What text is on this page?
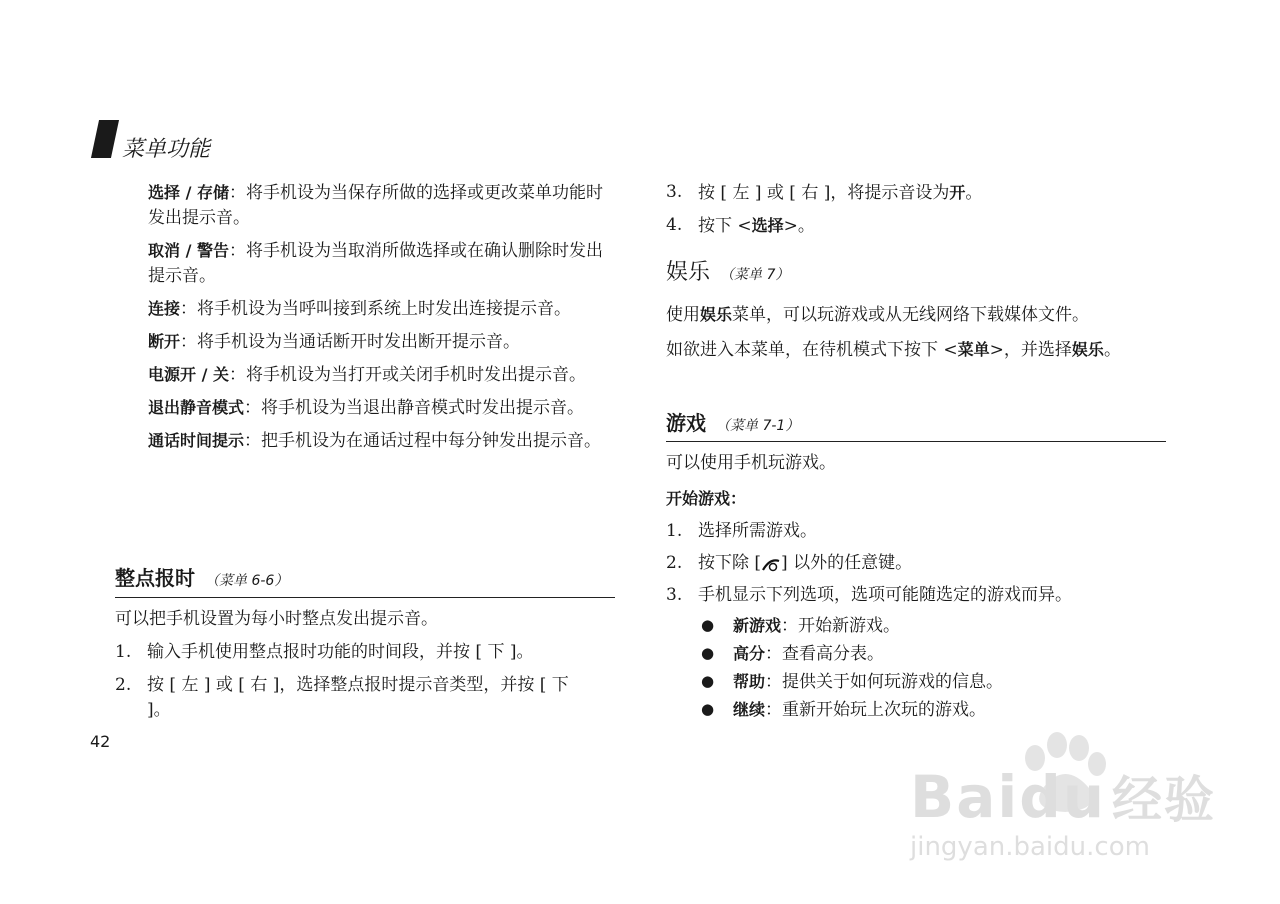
菜单功能

选择 / 存储：将手机设为当保存所做的选择或更改菜单功能时发出提示音。

取消 / 警告：将手机设为当取消所做选择或在确认删除时发出提示音。

连接：将手机设为当呼叫接到系统上时发出连接提示音。

断开：将手机设为当通话断开时发出断开提示音。

电源开 / 关：将手机设为当打开或关闭手机时发出提示音。

退出静音模式：将手机设为当退出静音模式时发出提示音。

通话时间提示：把手机设为在通话过程中每分钟发出提示音。

整点报时 （菜单 6-6）

可以把手机设置为每小时整点发出提示音。

1. 输入手机使用整点报时功能的时间段，并按 [ 下 ]。
2. 按 [ 左 ] 或 [ 右 ]，选择整点报时提示音类型，并按 [ 下 ]。
42
3. 按 [ 左 ] 或 [ 右 ]，将提示音设为开。
4. 按下 <选择>。
娱乐 （菜单 7）

使用娱乐菜单，可以玩游戏或从无线网络下载媒体文件。

如欲进入本菜单，在待机模式下按下 <菜单>，并选择娱乐。

游戏 （菜单 7-1）

可以使用手机玩游戏。

开始游戏：

1. 选择所需游戏。
2. 按下除 [ ] 以外的任意键。
3. 手机显示下列选项，选项可能随选定的游戏而异。
● 新游戏：开始新游戏。
● 高分：查看高分表。
● 帮助：提供关于如何玩游戏的信息。
● 继续：重新开始玩上次玩的游戏。
Baidu 经验
jingyan.baidu.com
